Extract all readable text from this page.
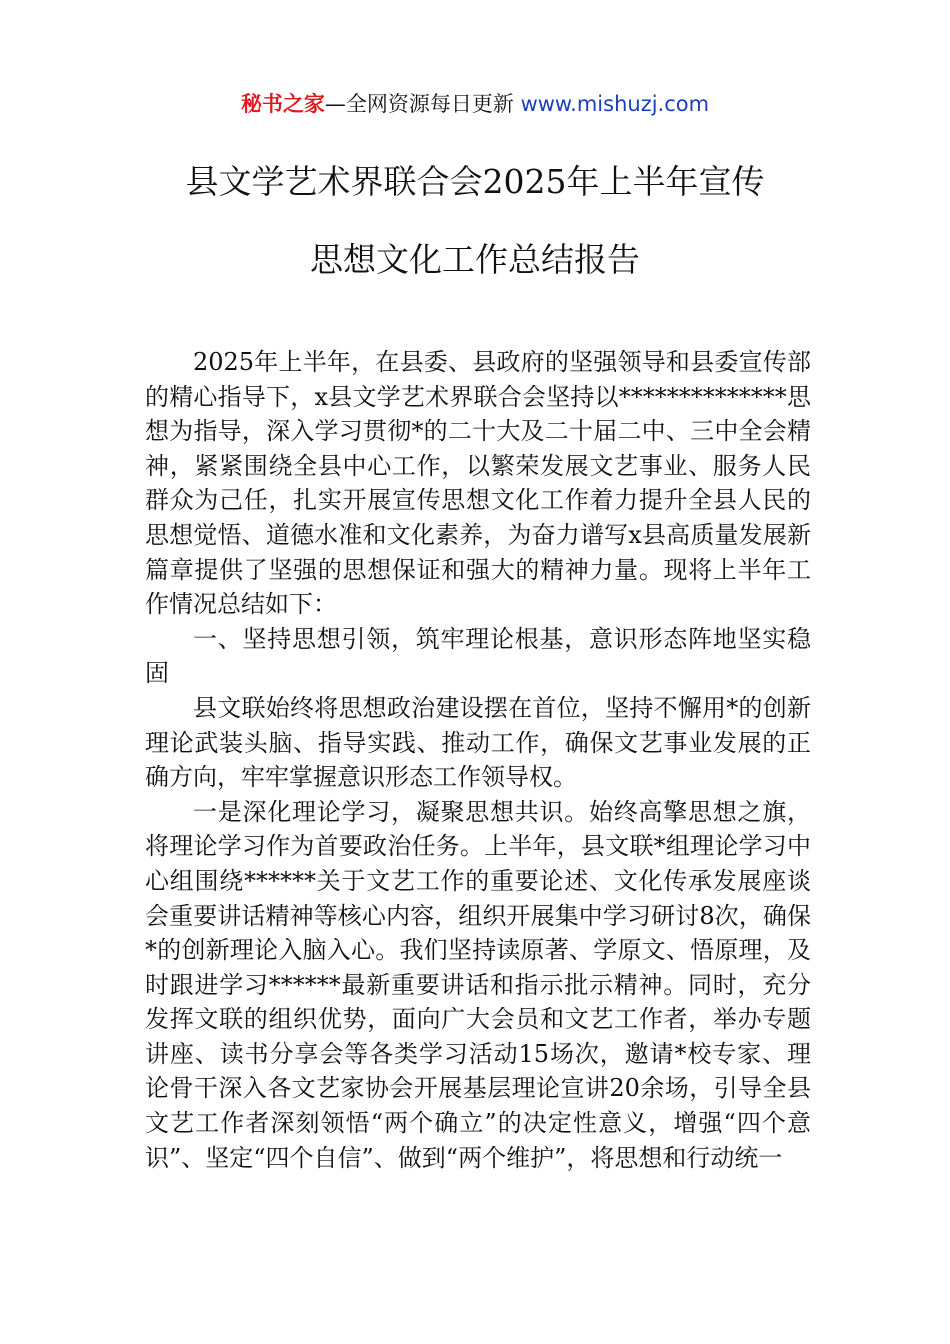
秘书之家—全网资源每日更新 www.mishuzj.com
县文学艺术界联合会2025年上半年宣传
思想文化工作总结报告

2025年上半年，在县委、县政府的坚强领导和县委宣传部的精心指导下，x县文学艺术界联合会坚持以**************思想为指导，深入学习贯彻*的二十大及二十届二中、三中全会精神，紧紧围绕全县中心工作，以繁荣发展文艺事业、服务人民群众为己任，扎实开展宣传思想文化工作着力提升全县人民的思想觉悟、道德水准和文化素养，为奋力谱写x县高质量发展新篇章提供了坚强的思想保证和强大的精神力量。现将上半年工作情况总结如下：

一、坚持思想引领，筑牢理论根基，意识形态阵地坚实稳固

县文联始终将思想政治建设摆在首位，坚持不懈用*的创新理论武装头脑、指导实践、推动工作，确保文艺事业发展的正确方向，牢牢掌握意识形态工作领导权。

一是深化理论学习，凝聚思想共识。始终高擎思想之旗，将理论学习作为首要政治任务。上半年，县文联*组理论学习中心组围绕******关于文艺工作的重要论述、文化传承发展座谈会重要讲话精神等核心内容，组织开展集中学习研讨8次，确保*的创新理论入脑入心。我们坚持读原著、学原文、悟原理，及时跟进学习******最新重要讲话和指示批示精神。同时，充分发挥文联的组织优势，面向广大会员和文艺工作者，举办专题讲座、读书分享会等各类学习活动15场次，邀请*校专家、理论骨干深入各文艺家协会开展基层理论宣讲20余场，引导全县文艺工作者深刻领悟“两个确立”的决定性意义，增强“四个意识”、坚定“四个自信”、做到“两个维护”，将思想和行动统一
